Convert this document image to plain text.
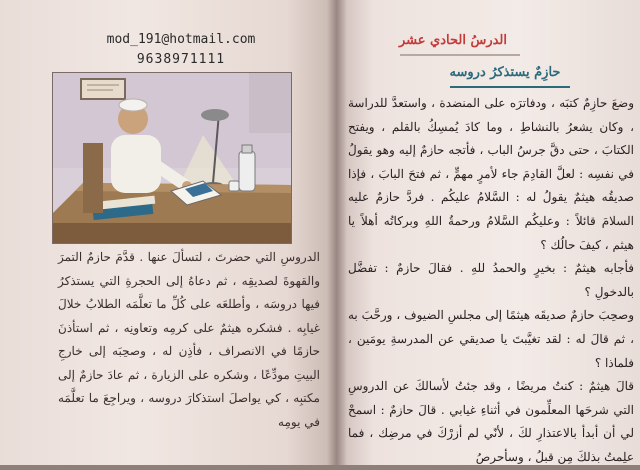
mod_191@hotmail.com
9638971111

الدروسِ التي حضرتَ ، لتسألَ عنها . قدَّمَ حازمٌ التمرَ والقهوةَ لصديقِه ، ثم دعاهُ إلى الحجرةِ التي يستذكرُ فيها دروسَه ، وأطلعَه على كُلِّ ما تعلَّمَه الطلابُ خلالَ غيابِه . فشكره هيثمٌ على كرمِه وتعاونِه ، ثم استأذنَ حازمًا في الانصراف ، فأذِن له ، وصحِبَه إلى خارجِ البيتِ مودِّعًا ، وشكره على الزيارة ، ثم عادَ حازمٌ إلى مكتبِه ، كي يواصلَ استذكارَ دروسه ، ويراجِعَ ما تعلَّمَه في يومِه

الدرسُ الحادي عشر
حازِمٌ يستذكرُ دروسه

وضعَ حازِمٌ كتبَه ، ودفاترَه على المنضدة ، واستعدَّ للدراسة ، وكان يشعرُ بالنشاطِ ، وما كادَ يُمسِكُ بالقلم ، ويفتح الكتابَ ، حتى دقَّ جرسُ الباب ، فأتجه حازمٌ إليه وهو يقولُ في نفسِه : لعلَّ القادِمَ جاء لأمرٍ مهمٍّ ، ثم فتحَ البابَ ، فإذا صديقُه هيثمٌ يقولُ له : السَّلامُ عليكُم . فردَّ حازمٌ عليه السلامَ قائلاً : وعليكُم السَّلامُ ورحمةُ اللهِ وبركاتُه أهلاً يا هيثم ، كيفَ حالُك ؟

فأجابه هيثمٌ : بخيرٍ والحمدُ للهِ . فقالَ حازمٌ : تفضَّل بالدخولِ ؟

وصحِبَ حازمٌ صديقَه هيثمًا إلى مجلسِ الضيوف ، ورحَّبَ به ، ثم قالَ له : لقد تغيَّبتَ يا صديقي عن المدرسةِ يومَين ، فلماذا ؟

قالَ هيثمٌ : كنتُ مريضًا ، وقد جئتُ لأسالكَ عن الدروسِ التي شرحَها المعلِّمون في أثناءِ غيابي . قالَ حازمٌ : اسمحْ لي أن أبدأ بالاعتذارِ لكَ ، لأنّي لم أزرْكَ في مرضِك ، فما علِمتُ بذلكَ مِن قبلُ ، وسأحرصُ
